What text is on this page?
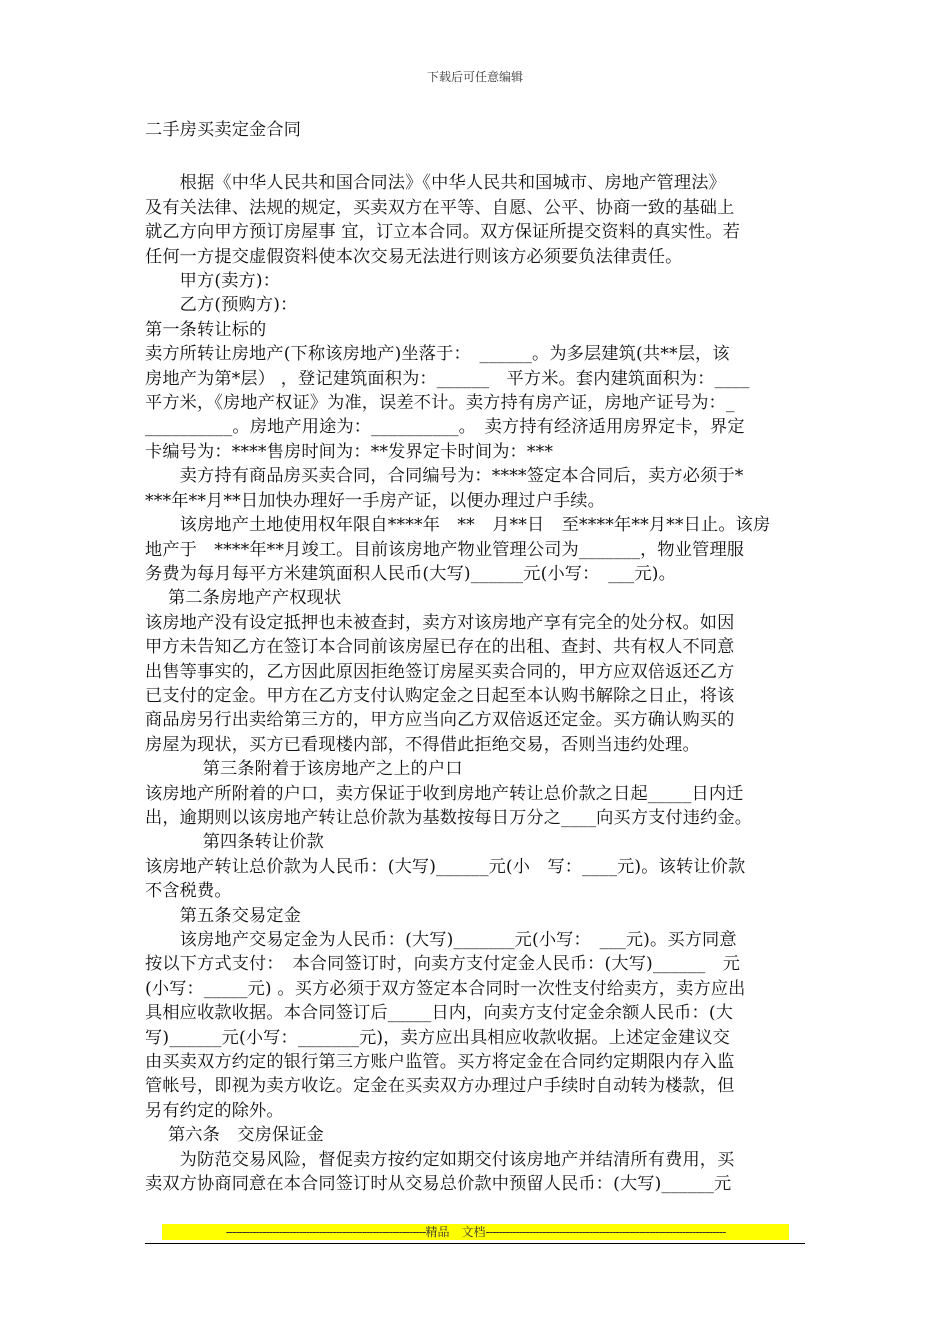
下载后可任意编辑

二手房买卖定金合同

　　根据《中华人民共和国合同法》《中华人民共和国城市、房地产管理法》

及有关法律、法规的规定，买卖双方在平等、自愿、公平、协商一致的基础上

就乙方向甲方预订房屋事 宜，订立本合同。双方保证所提交资料的真实性。若

任何一方提交虚假资料使本次交易无法进行则该方必须要负法律责任。

　　甲方(卖方)：

　　乙方(预购方)：

第一条转让标的

卖方所转让房地产(下称该房地产)坐落于：　______。为多层建筑(共**层，该

房地产为第*层） ，登记建筑面积为：______　平方米。套内建筑面积为：____

平方米，《房地产权证》为准，误差不计。卖方持有房产证，房地产证号为：_

__________。房地产用途为：__________。　卖方持有经济适用房界定卡，界定

卡编号为：****售房时间为：**发界定卡时间为：***

　　卖方持有商品房买卖合同，合同编号为：****签定本合同后，卖方必须于*

***年**月**日加快办理好一手房产证，以便办理过户手续。

　　该房地产土地使用权年限自****年　**　月**日　至****年**月**日止。该房

地产于　****年**月竣工。目前该房地产物业管理公司为_______，物业管理服

务费为每月每平方米建筑面积人民币(大写)______元(小写：　___元)。

　 第二条房地产产权现状

该房地产没有设定抵押也未被查封，卖方对该房地产享有完全的处分权。如因

甲方未告知乙方在签订本合同前该房屋已存在的出租、查封、共有权人不同意

出售等事实的，乙方因此原因拒绝签订房屋买卖合同的，甲方应双倍返还乙方

已支付的定金。甲方在乙方支付认购定金之日起至本认购书解除之日止，将该

商品房另行出卖给第三方的，甲方应当向乙方双倍返还定金。买方确认购买的

房屋为现状，买方已看现楼内部，不得借此拒绝交易，否则当违约处理。

　　　 第三条附着于该房地产之上的户口

该房地产所附着的户口，卖方保证于收到房地产转让总价款之日起_____日内迁

出，逾期则以该房地产转让总价款为基数按每日万分之____向买方支付违约金。

　　　 第四条转让价款

该房地产转让总价款为人民币：(大写)______元(小　写：____元)。该转让价款

不含税费。

　　第五条交易定金

　　该房地产交易定金为人民币：(大写)_______元(小写：　___元)。买方同意

按以下方式支付：　本合同签订时，向卖方支付定金人民币：(大写)______　元

(小写：_____元) 。买方必须于双方签定本合同时一次性支付给卖方，卖方应出

具相应收款收据。本合同签订后_____日内，向卖方支付定金余额人民币：(大

写)______元(小写：_______元)，卖方应出具相应收款收据。上述定金建议交

由买卖双方约定的银行第三方账户监管。买方将定金在合同约定期限内存入监

管帐号，即视为卖方收讫。定金在买卖双方办理过户手续时自动转为楼款，但

另有约定的除外。

　 第六条　交房保证金

　　为防范交易风险，督促卖方按约定如期交付该房地产并结清所有费用，买

卖双方协商同意在本合同签订时从交易总价款中预留人民币：(大写)______元

------------------------------------------------------------精品　文档------------------------------------------------------------------------
